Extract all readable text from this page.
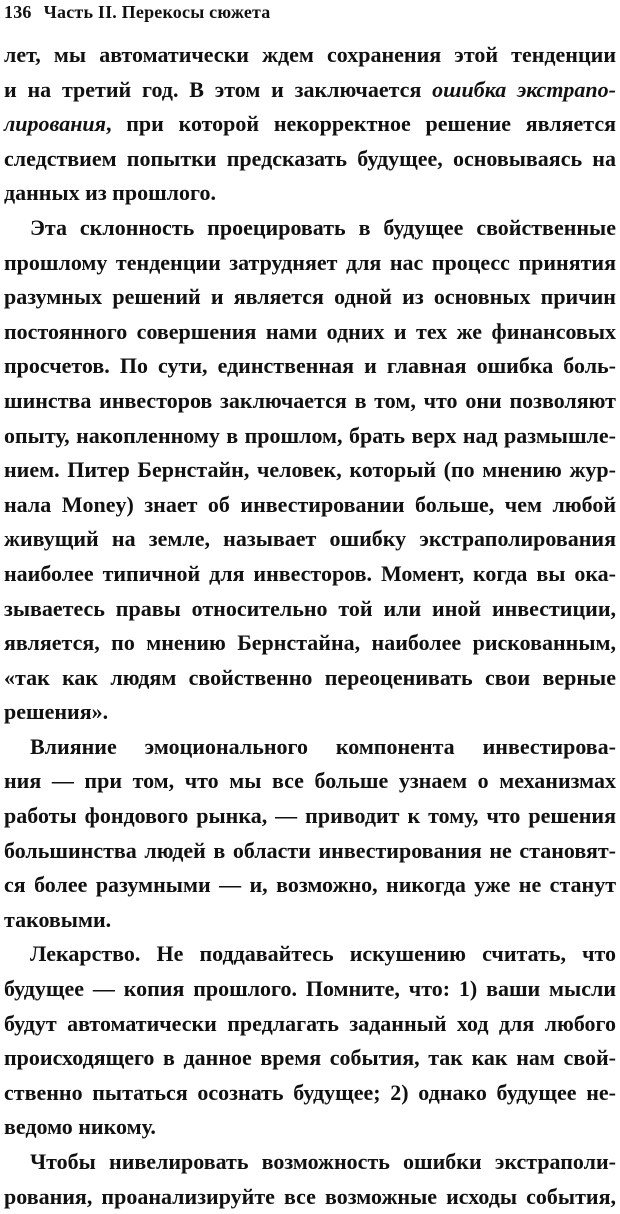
136 Часть II. Перекосы сюжета
лет, мы автоматически ждем сохранения этой тенденции
и на третий год. В этом и заключается ошибка экстрапо-
лирования, при которой некорректное решение является
следствием попытки предсказать будущее, основываясь на
данных из прошлого.
Эта склонность проецировать в будущее свойственные
прошлому тенденции затрудняет для нас процесс принятия
разумных решений и является одной из основных причин
постоянного совершения нами одних и тех же финансовых
просчетов. По сути, единственная и главная ошибка боль-
шинства инвесторов заключается в том, что они позволяют
опыту, накопленному в прошлом, брать верх над размышле-
нием. Питер Бернстайн, человек, который (по мнению жур-
нала Money) знает об инвестировании больше, чем любой
живущий на земле, называет ошибку экстраполирования
наиболее типичной для инвесторов. Момент, когда вы ока-
зываетесь правы относительно той или иной инвестиции,
является, по мнению Бернстайна, наиболее рискованным,
«так как людям свойственно переоценивать свои верные
решения».
Влияние эмоционального компонента инвестирова-
ния — при том, что мы все больше узнаем о механизмах
работы фондового рынка, — приводит к тому, что решения
большинства людей в области инвестирования не становят-
ся более разумными — и, возможно, никогда уже не станут
таковыми.
Лекарство. Не поддавайтесь искушению считать, что
будущее — копия прошлого. Помните, что: 1) ваши мысли
будут автоматически предлагать заданный ход для любого
происходящего в данное время события, так как нам свой-
ственно пытаться осознать будущее; 2) однако будущее не-
ведомо никому.
Чтобы нивелировать возможность ошибки экстраполи-
рования, проанализируйте все возможные исходы события,
